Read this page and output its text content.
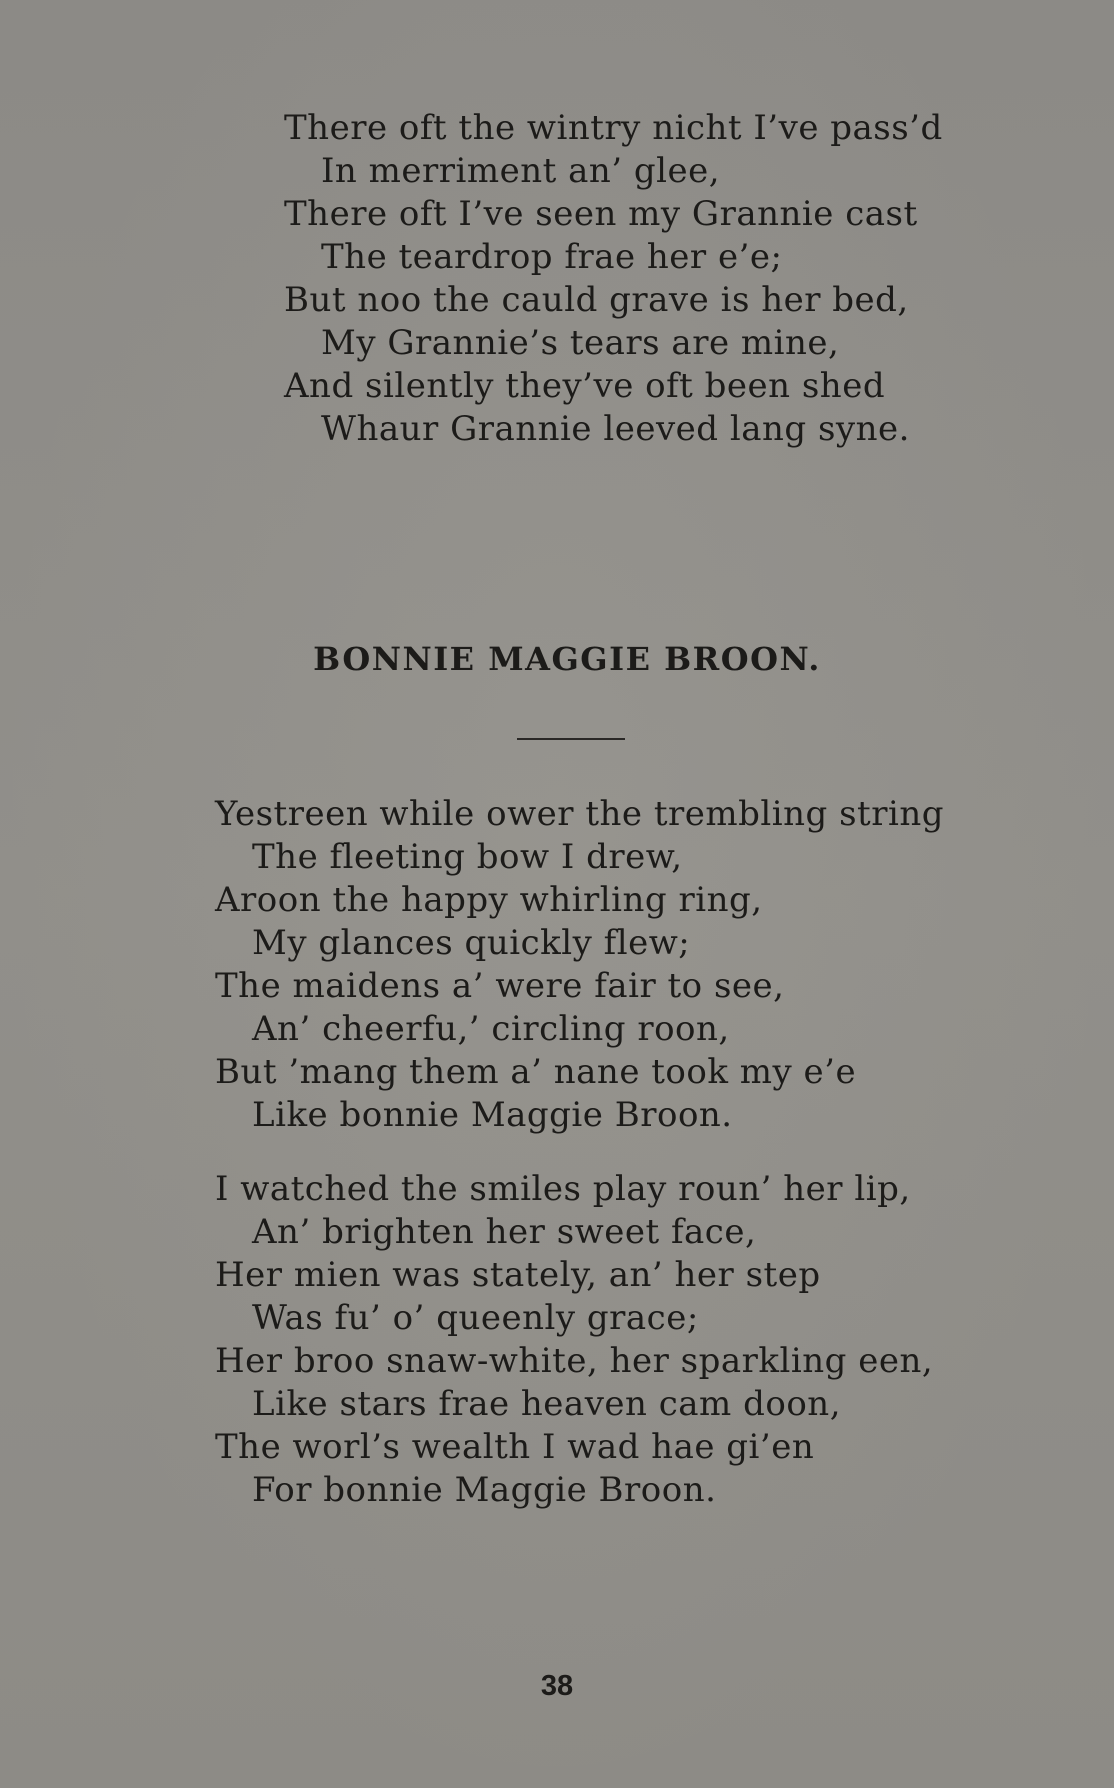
There oft the wintry nicht I’ve pass’d
In merriment an’ glee,
There oft I’ve seen my Grannie cast
The teardrop frae her e’e;
But noo the cauld grave is her bed,
My Grannie’s tears are mine,
And silently they’ve oft been shed
Whaur Grannie leeved lang syne.
BONNIE MAGGIE BROON.
Yestreen while ower the trembling string
The fleeting bow I drew,
Aroon the happy whirling ring,
My glances quickly flew;
The maidens a’ were fair to see,
An’ cheerfu,’ circling roon,
But ’mang them a’ nane took my e’e
Like bonnie Maggie Broon.
I watched the smiles play roun’ her lip,
An’ brighten her sweet face,
Her mien was stately, an’ her step
Was fu’ o’ queenly grace;
Her broo snaw-white, her sparkling een,
Like stars frae heaven cam doon,
The worl’s wealth I wad hae gi’en
For bonnie Maggie Broon.
38
